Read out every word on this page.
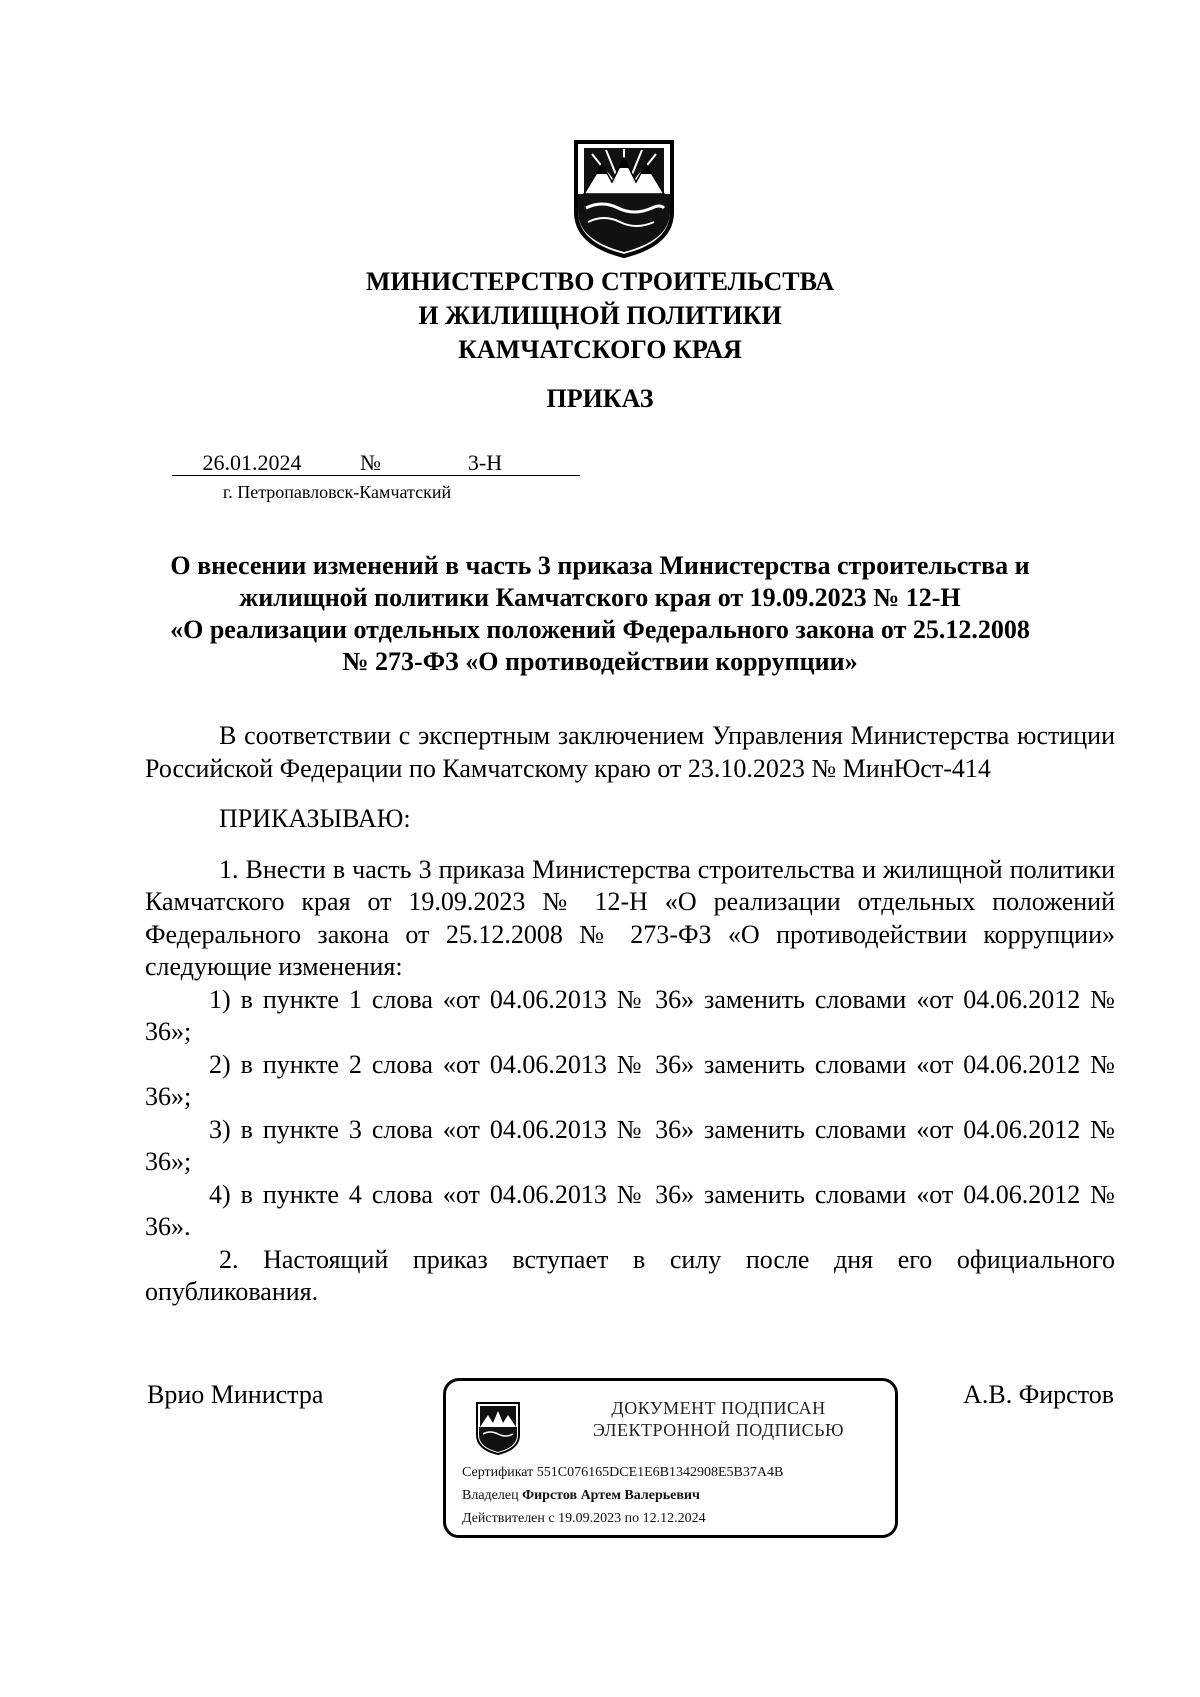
МИНИСТЕРСТВО СТРОИТЕЛЬСТВА
И ЖИЛИЩНОЙ ПОЛИТИКИ
КАМЧАТСКОГО КРАЯ
ПРИКАЗ
26.01.2024	№	3-Н
г. Петропавловск-Камчатский
О внесении изменений в часть 3 приказа Министерства строительства и
жилищной политики Камчатского края от 19.09.2023 № 12-Н
«О реализации отдельных положений Федерального закона от 25.12.2008
№ 273-ФЗ «О противодействии коррупции»

В соответствии с экспертным заключением Управления Министерства юстиции Российской Федерации по Камчатскому краю от 23.10.2023 № МинЮст-414

ПРИКАЗЫВАЮ:

1. Внести в часть 3 приказа Министерства строительства и жилищной политики Камчатского края от 19.09.2023 № 12-Н «О реализации отдельных положений Федерального закона от 25.12.2008 № 273-ФЗ «О противодействии коррупции» следующие изменения:

1) в пункте 1 слова «от 04.06.2013 № 36» заменить словами «от 04.06.2012 № 36»;

2) в пункте 2 слова «от 04.06.2013 № 36» заменить словами «от 04.06.2012 № 36»;

3) в пункте 3 слова «от 04.06.2013 № 36» заменить словами «от 04.06.2012 № 36»;

4) в пункте 4 слова «от 04.06.2013 № 36» заменить словами «от 04.06.2012 № 36».

2. Настоящий приказ вступает в силу после дня его официального опубликования.

Врио Министра	А.В. Фирстов
ДОКУМЕНТ ПОДПИСАН
ЭЛЕКТРОННОЙ ПОДПИСЬЮ
Сертификат 551C076165DCE1E6B1342908E5B37A4B
Владелец Фирстов Артем Валерьевич
Действителен с 19.09.2023 по 12.12.2024
